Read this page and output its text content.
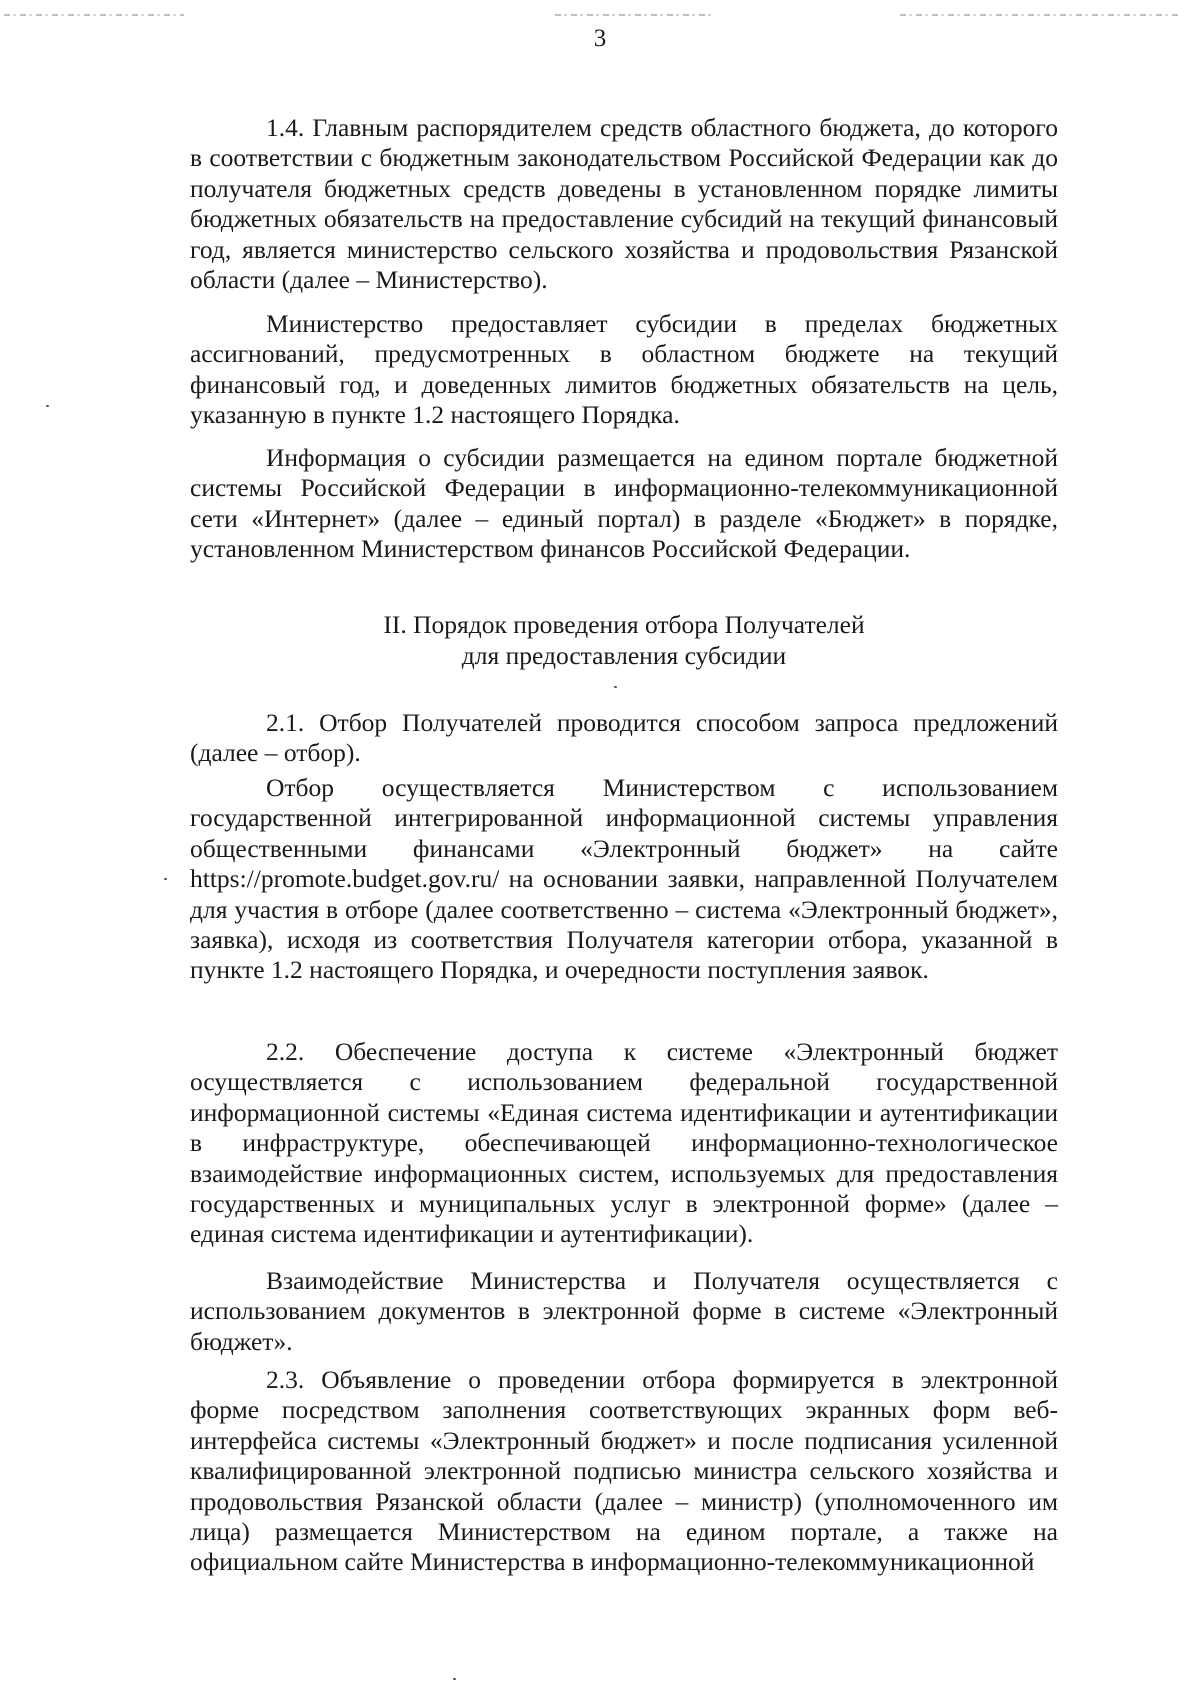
3

1.4. Главным распорядителем средств областного бюджета, до которого в соответствии с бюджетным законодательством Российской Федерации как до получателя бюджетных средств доведены в установленном порядке лимиты бюджетных обязательств на предоставление субсидий на текущий финансовый год, является министерство сельского хозяйства и продовольствия Рязанской области (далее – Министерство).

Министерство предоставляет субсидии в пределах бюджетных ассигнований, предусмотренных в областном бюджете на текущий финансовый год, и доведенных лимитов бюджетных обязательств на цель, указанную в пункте 1.2 настоящего Порядка.

Информация о субсидии размещается на едином портале бюджетной системы Российской Федерации в информационно-телекоммуникационной сети «Интернет» (далее – единый портал) в разделе «Бюджет» в порядке, установленном Министерством финансов Российской Федерации.

II. Порядок проведения отбора Получателей

для предоставления субсидии

2.1. Отбор Получателей проводится способом запроса предложений (далее – отбор).

Отбор осуществляется Министерством с использованием государственной интегрированной информационной системы управления общественными финансами «Электронный бюджет» на сайте https://promote.budget.gov.ru/ на основании заявки, направленной Получателем для участия в отборе (далее соответственно – система «Электронный бюджет», заявка), исходя из соответствия Получателя категории отбора, указанной в пункте 1.2 настоящего Порядка, и очередности поступления заявок.

2.2. Обеспечение доступа к системе «Электронный бюджет осуществляется с использованием федеральной государственной информационной системы «Единая система идентификации и аутентификации в инфраструктуре, обеспечивающей информационно-технологическое взаимодействие информационных систем, используемых для предоставления государственных и муниципальных услуг в электронной форме» (далее – единая система идентификации и аутентификации).

Взаимодействие Министерства и Получателя осуществляется с использованием документов в электронной форме в системе «Электронный бюджет».

2.3. Объявление о проведении отбора формируется в электронной форме посредством заполнения соответствующих экранных форм веб-интерфейса системы «Электронный бюджет» и после подписания усиленной квалифицированной электронной подписью министра сельского хозяйства и продовольствия Рязанской области (далее – министр) (уполномоченного им лица) размещается Министерством на едином портале, а также на официальном сайте Министерства в информационно-телекоммуникационной
